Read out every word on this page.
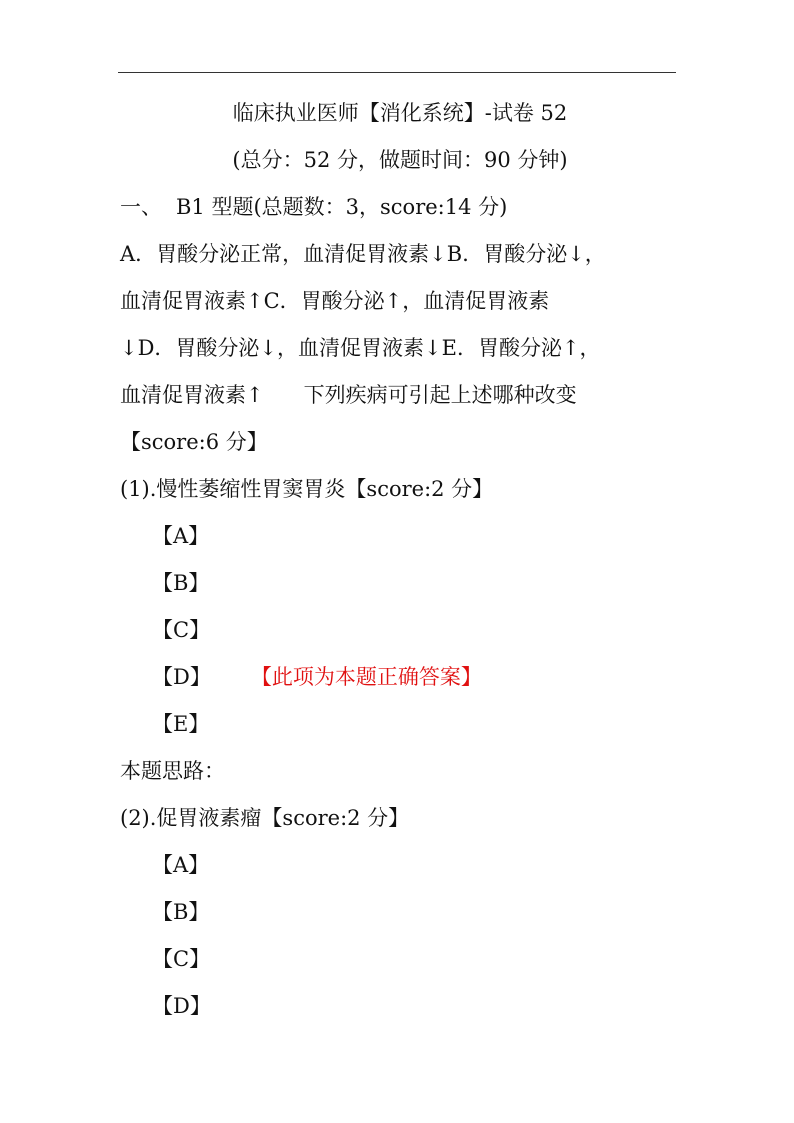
临床执业医师【消化系统】-试卷 52
(总分：52 分，做题时间：90 分钟)
一、 B1 型题(总题数：3，score:14 分)
A．胃酸分泌正常，血清促胃液素↓B．胃酸分泌↓，
血清促胃液素↑C．胃酸分泌↑，血清促胃液素
↓D．胃酸分泌↓，血清促胃液素↓E．胃酸分泌↑，
血清促胃液素↑ 下列疾病可引起上述哪种改变
【score:6 分】
(1).慢性萎缩性胃窦胃炎【score:2 分】
【A】
【B】
【C】
【D】 【此项为本题正确答案】
【E】
本题思路：
(2).促胃液素瘤【score:2 分】
【A】
【B】
【C】
【D】
